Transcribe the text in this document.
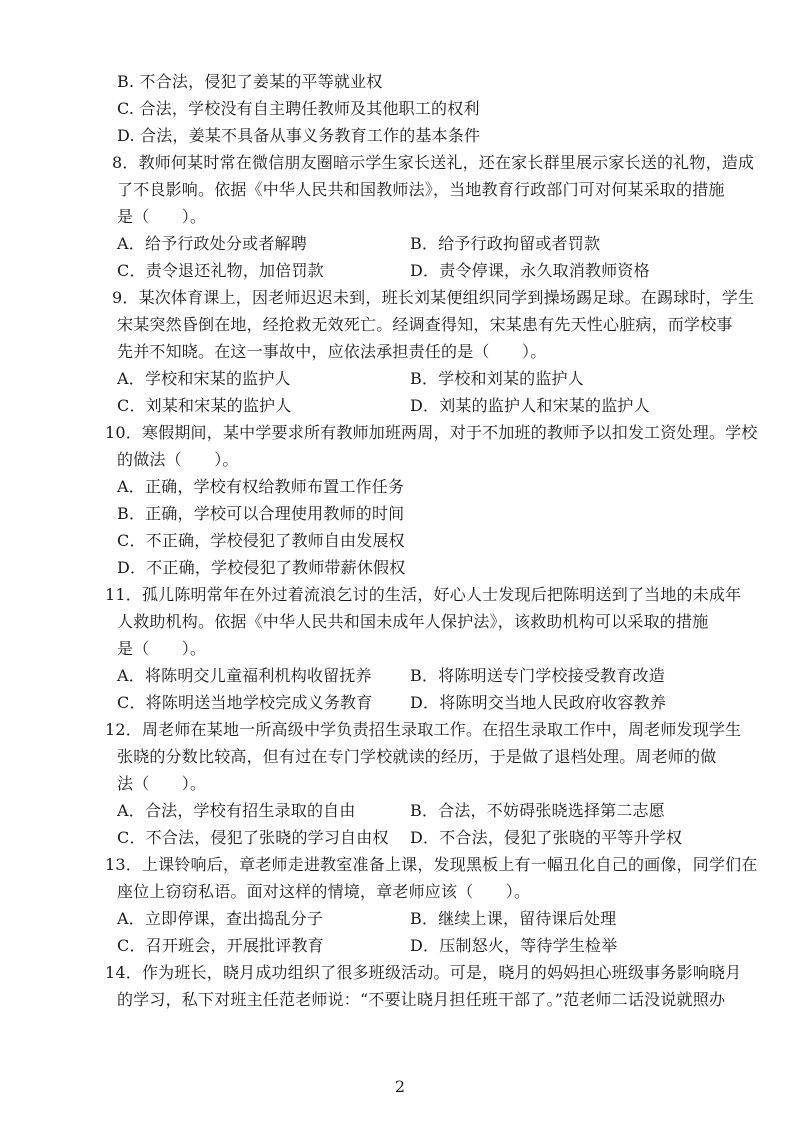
B. 不合法，侵犯了姜某的平等就业权
C. 合法，学校没有自主聘任教师及其他职工的权利
D. 合法，姜某不具备从事义务教育工作的基本条件
8．教师何某时常在微信朋友圈暗示学生家长送礼，还在家长群里展示家长送的礼物，造成
了不良影响。依据《中华人民共和国教师法》，当地教育行政部门可对何某采取的措施
是（　　）。
A．给予行政处分或者解聘	B．给予行政拘留或者罚款
C．责令退还礼物，加倍罚款	D．责令停课，永久取消教师资格
9．某次体育课上，因老师迟迟未到，班长刘某便组织同学到操场踢足球。在踢球时，学生
宋某突然昏倒在地，经抢救无效死亡。经调查得知，宋某患有先天性心脏病，而学校事
先并不知晓。在这一事故中，应依法承担责任的是（　　）。
A．学校和宋某的监护人	B．学校和刘某的监护人
C．刘某和宋某的监护人	D．刘某的监护人和宋某的监护人
10．寒假期间，某中学要求所有教师加班两周，对于不加班的教师予以扣发工资处理。学校
的做法（　　）。
A．正确，学校有权给教师布置工作任务
B．正确，学校可以合理使用教师的时间
C．不正确，学校侵犯了教师自由发展权
D．不正确，学校侵犯了教师带薪休假权
11．孤儿陈明常年在外过着流浪乞讨的生活，好心人士发现后把陈明送到了当地的未成年
人救助机构。依据《中华人民共和国未成年人保护法》，该救助机构可以采取的措施
是（　　）。
A．将陈明交儿童福利机构收留抚养 B．将陈明送专门学校接受教育改造
C．将陈明送当地学校完成义务教育 D．将陈明交当地人民政府收容教养
12．周老师在某地一所高级中学负责招生录取工作。在招生录取工作中，周老师发现学生
张晓的分数比较高，但有过在专门学校就读的经历，于是做了退档处理。周老师的做
法（　　）。
A．合法，学校有招生录取的自由	B．合法，不妨碍张晓选择第二志愿
C．不合法，侵犯了张晓的学习自由权 D．不合法，侵犯了张晓的平等升学权
13．上课铃响后，章老师走进教室准备上课，发现黑板上有一幅丑化自己的画像，同学们在
座位上窃窃私语。面对这样的情境，章老师应该（　　）。
A．立即停课，查出捣乱分子	B．继续上课，留待课后处理
C．召开班会，开展批评教育	D．压制怒火，等待学生检举
14．作为班长，晓月成功组织了很多班级活动。可是，晓月的妈妈担心班级事务影响晓月
的学习，私下对班主任范老师说：“不要让晓月担任班干部了。”范老师二话没说就照办
2
